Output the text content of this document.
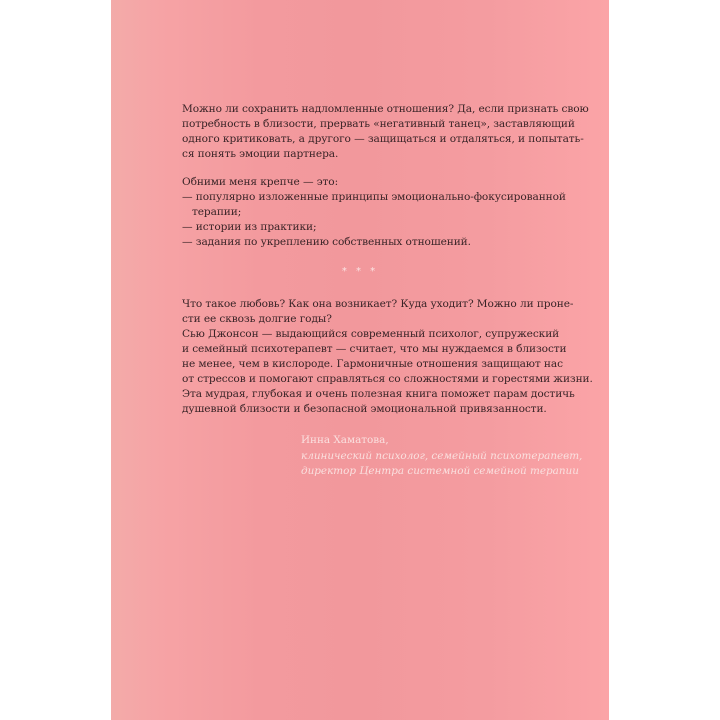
Можно ли сохранить надломленные отношения? Да, если признать свою
потребность в близости, прервать «негативный танец», заставляющий
одного критиковать, а другого — защищаться и отдаляться, и попытать-
ся понять эмоции партнера.
Обними меня крепче — это:
— популярно изложенные принципы эмоционально-фокусированной
терапии;
— истории из практики;
— задания по укреплению собственных отношений.
* * *
Что такое любовь? Как она возникает? Куда уходит? Можно ли проне-
сти ее сквозь долгие годы?
Сью Джонсон — выдающийся современный психолог, супружеский
и семейный психотерапевт — считает, что мы нуждаемся в близости
не менее, чем в кислороде. Гармоничные отношения защищают нас
от стрессов и помогают справляться со сложностями и горестями жизни.
Эта мудрая, глубокая и очень полезная книга поможет парам достичь
душевной близости и безопасной эмоциональной привязанности.
Инна Хаматова,
клинический психолог, семейный психотерапевт,
директор Центра системной семейной терапии
